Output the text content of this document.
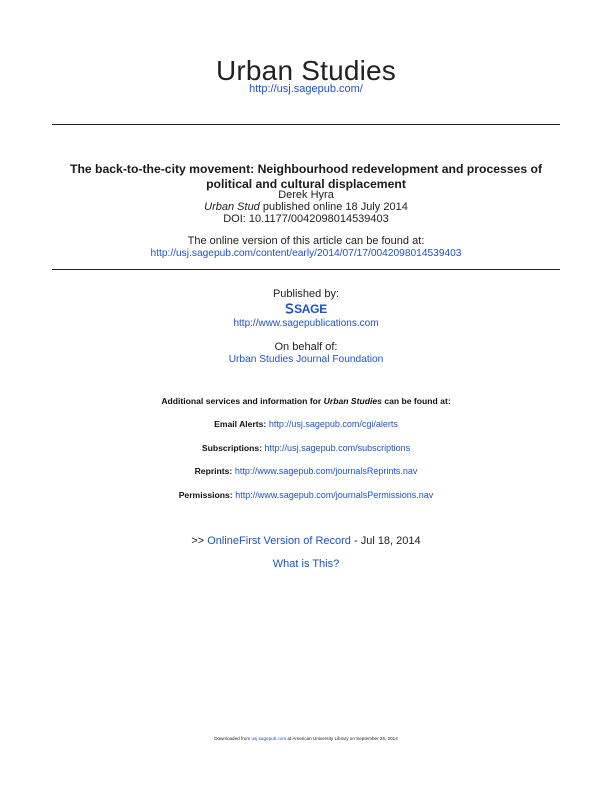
Urban Studies
http://usj.sagepub.com/
The back-to-the-city movement: Neighbourhood redevelopment and processes of
political and cultural displacement
Derek Hyra
Urban Stud published online 18 July 2014
DOI: 10.1177/0042098014539403
The online version of this article can be found at:
http://usj.sagepub.com/content/early/2014/07/17/0042098014539403
Published by:
SAGE
http://www.sagepublications.com
On behalf of:
Urban Studies Journal Foundation
Additional services and information for Urban Studies can be found at:
Email Alerts: http://usj.sagepub.com/cgi/alerts
Subscriptions: http://usj.sagepub.com/subscriptions
Reprints: http://www.sagepub.com/journalsReprints.nav
Permissions: http://www.sagepub.com/journalsPermissions.nav
>> OnlineFirst Version of Record - Jul 18, 2014
What is This?
Downloaded from usj.sagepub.com at American University Library on September 26, 2014
